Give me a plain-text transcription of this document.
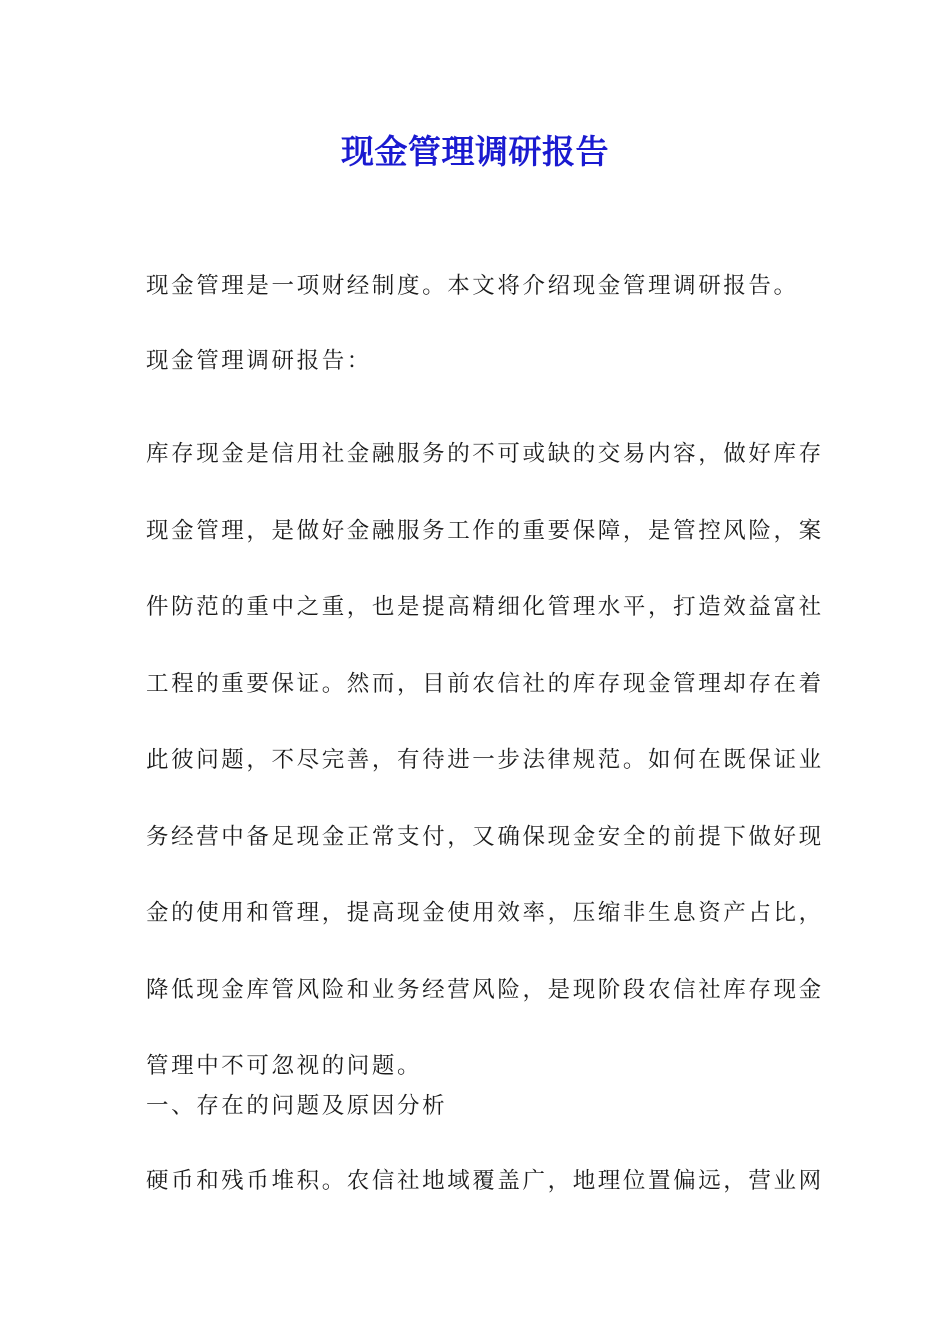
现金管理调研报告

现金管理是一项财经制度。本文将介绍现金管理调研报告。

现金管理调研报告：

库存现金是信用社金融服务的不可或缺的交易内容，做好库存
现金管理，是做好金融服务工作的重要保障，是管控风险，案
件防范的重中之重，也是提高精细化管理水平，打造效益富社
工程的重要保证。然而，目前农信社的库存现金管理却存在着
此彼问题，不尽完善，有待进一步法律规范。如何在既保证业
务经营中备足现金正常支付，又确保现金安全的前提下做好现
金的使用和管理，提高现金使用效率，压缩非生息资产占比，
降低现金库管风险和业务经营风险，是现阶段农信社库存现金
管理中不可忽视的问题。

一、存在的问题及原因分析

硬币和残币堆积。农信社地域覆盖广，地理位置偏远，营业网
